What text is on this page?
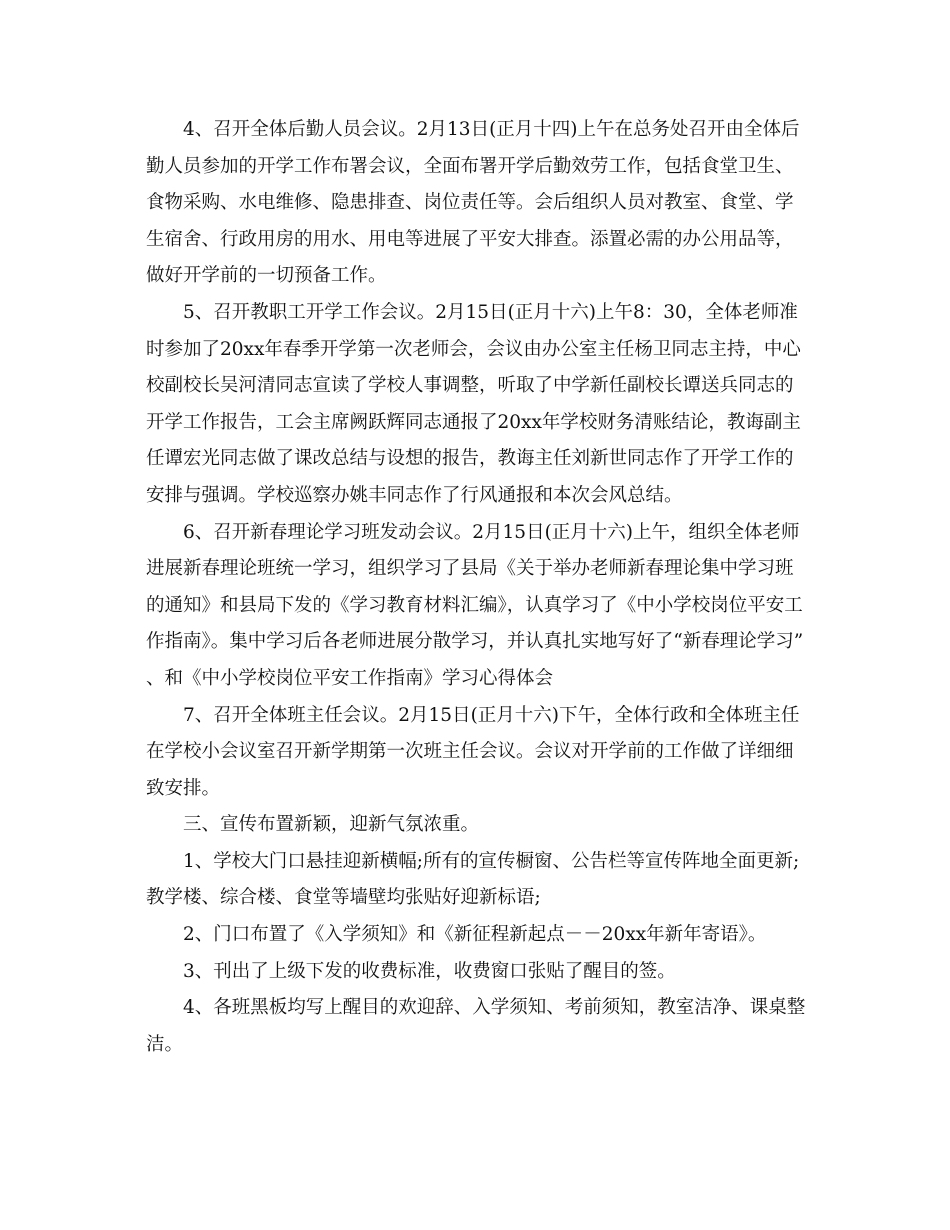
4、召开全体后勤人员会议。2月13日(正月十四)上午在总务处召开由全体后勤人员参加的开学工作布署会议，全面布署开学后勤效劳工作，包括食堂卫生、食物采购、水电维修、隐患排查、岗位责任等。会后组织人员对教室、食堂、学生宿舍、行政用房的用水、用电等进展了平安大排查。添置必需的办公用品等，做好开学前的一切预备工作。

5、召开教职工开学工作会议。2月15日(正月十六)上午8：30，全体老师准时参加了20xx年春季开学第一次老师会，会议由办公室主任杨卫同志主持，中心校副校长吴河清同志宣读了学校人事调整，听取了中学新任副校长谭送兵同志的开学工作报告，工会主席阙跃辉同志通报了20xx年学校财务清账结论，教诲副主任谭宏光同志做了课改总结与设想的报告，教诲主任刘新世同志作了开学工作的安排与强调。学校巡察办姚丰同志作了行风通报和本次会风总结。

6、召开新春理论学习班发动会议。2月15日(正月十六)上午，组织全体老师进展新春理论班统一学习，组织学习了县局《关于举办老师新春理论集中学习班的通知》和县局下发的《学习教育材料汇编》，认真学习了《中小学校岗位平安工作指南》。集中学习后各老师进展分散学习，并认真扎实地写好了“新春理论学习”、和《中小学校岗位平安工作指南》学习心得体会

7、召开全体班主任会议。2月15日(正月十六)下午，全体行政和全体班主任在学校小会议室召开新学期第一次班主任会议。会议对开学前的工作做了详细细致安排。

三、宣传布置新颖，迎新气氛浓重。

1、学校大门口悬挂迎新横幅;所有的宣传橱窗、公告栏等宣传阵地全面更新;教学楼、综合楼、食堂等墙壁均张贴好迎新标语;

2、门口布置了《入学须知》和《新征程新起点－－20xx年新年寄语》。

3、刊出了上级下发的收费标准，收费窗口张贴了醒目的签。

4、各班黑板均写上醒目的欢迎辞、入学须知、考前须知，教室洁净、课桌整洁。
